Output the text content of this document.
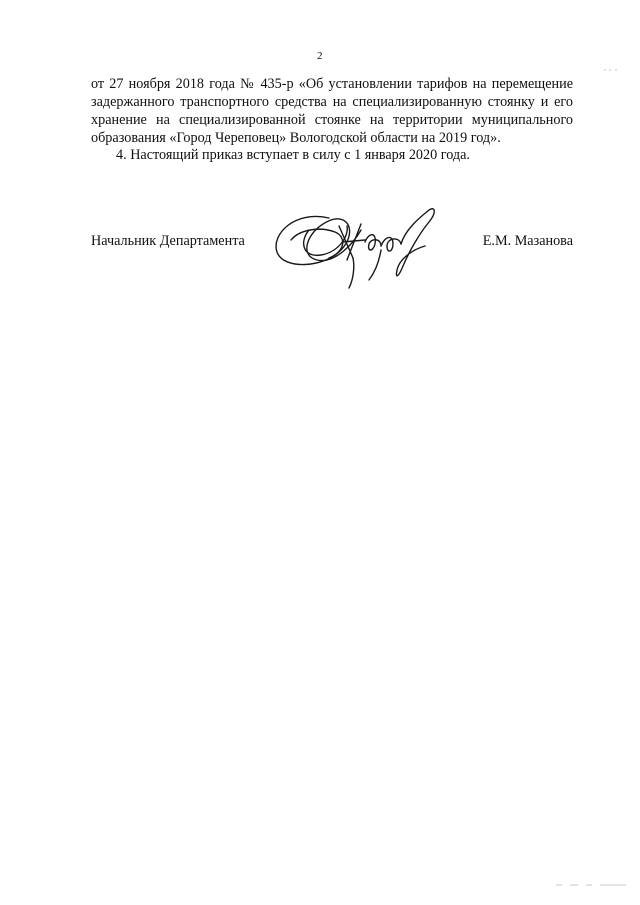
2
от 27 ноября 2018 года № 435-р «Об установлении тарифов на перемещение задержанного транспортного средства на специализированную стоянку и его хранение на специализированной стоянке на территории муниципального образования «Город Череповец» Вологодской области на 2019 год».
4. Настоящий приказ вступает в силу с 1 января 2020 года.
Начальник Департамента	Е.М. Мазанова
